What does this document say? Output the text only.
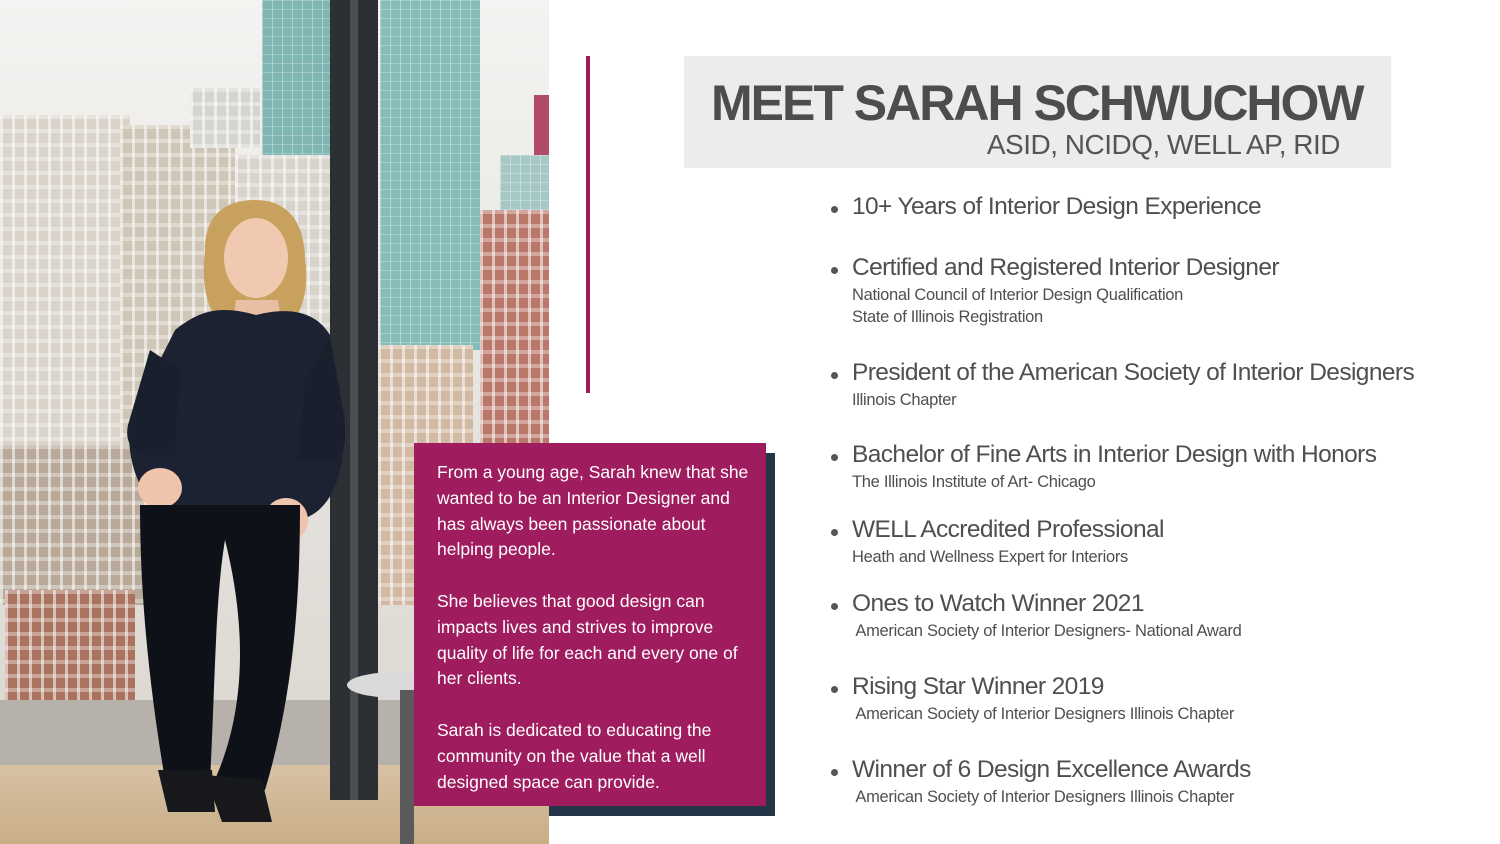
MEET SARAH SCHWUCHOW
ASID, NCIDQ, WELL AP, RID
From a young age, Sarah knew that she wanted to be an Interior Designer and has always been passionate about helping people.

She believes that good design can impacts lives and strives to improve quality of life for each and every one of her clients.

Sarah is dedicated to educating the community on the value that a well designed space can provide.
10+ Years of Interior Design Experience
Certified and Registered Interior Designer
National Council of Interior Design Qualification
State of Illinois Registration
President of the American Society of Interior Designers
Illinois Chapter
Bachelor of Fine Arts in Interior Design with Honors
The Illinois Institute of Art- Chicago
WELL Accredited Professional
Heath and Wellness Expert for Interiors
Ones to Watch Winner 2021
American Society of Interior Designers- National Award
Rising Star Winner 2019
American Society of Interior Designers Illinois Chapter
Winner of 6 Design Excellence Awards
American Society of Interior Designers Illinois Chapter
